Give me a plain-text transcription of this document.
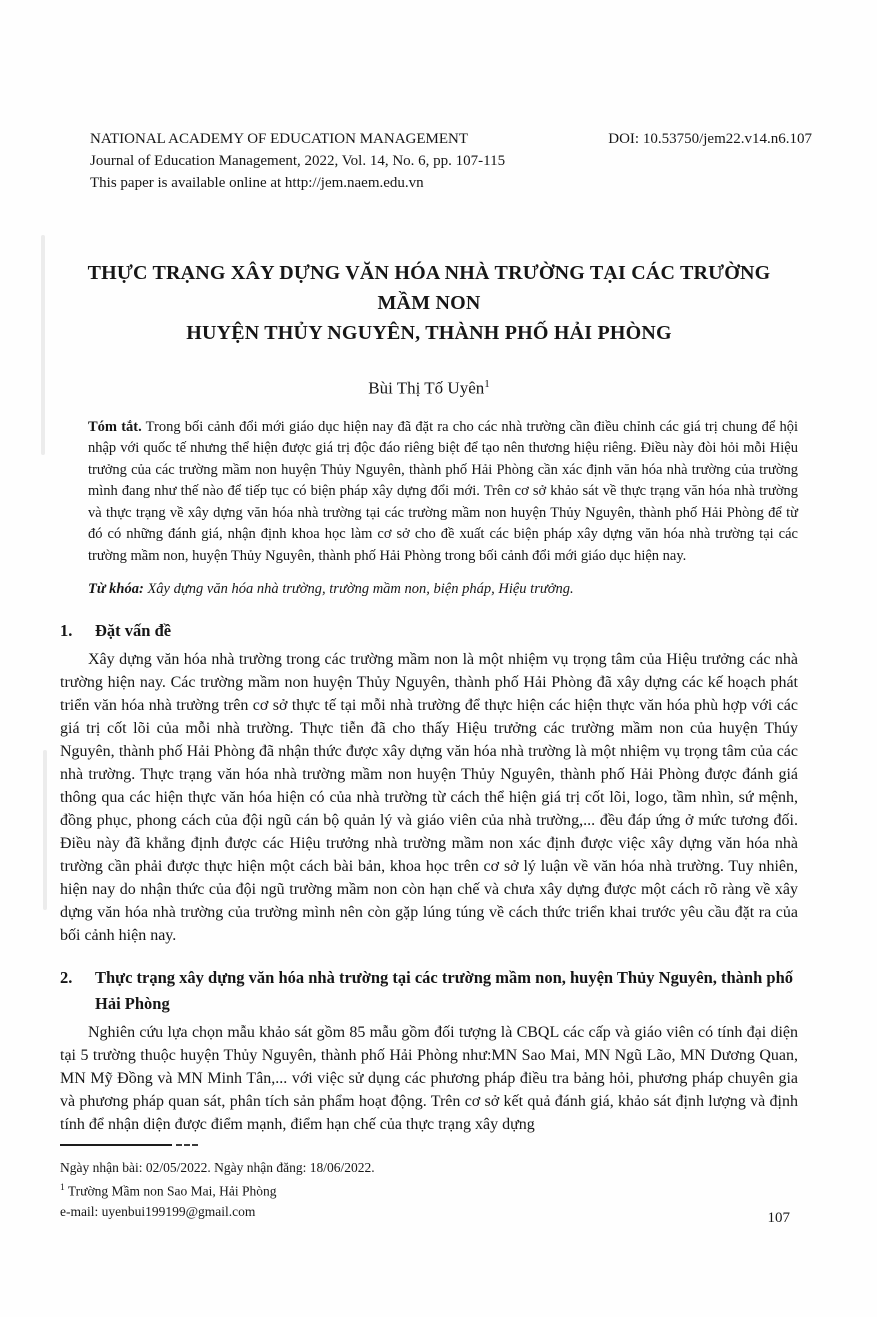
NATIONAL ACADEMY OF EDUCATION MANAGEMENT
Journal of Education Management, 2022, Vol. 14, No. 6, pp. 107-115
This paper is available online at http://jem.naem.edu.vn
DOI: 10.53750/jem22.v14.n6.107
THỰC TRẠNG XÂY DỰNG VĂN HÓA NHÀ TRƯỜNG TẠI CÁC TRƯỜNG MẦM NON
HUYỆN THỦY NGUYÊN, THÀNH PHỐ HẢI PHÒNG
Bùi Thị Tố Uyên$^1$

Tóm tắt. Trong bối cảnh đổi mới giáo dục hiện nay đã đặt ra cho các nhà trường cần điều chỉnh các giá trị chung để hội nhập với quốc tế nhưng thể hiện được giá trị độc đáo riêng biệt để tạo nên thương hiệu riêng. Điều này đòi hỏi mỗi Hiệu trưởng của các trường mầm non huyện Thủy Nguyên, thành phố Hải Phòng cần xác định văn hóa nhà trường của trường mình đang như thế nào để tiếp tục có biện pháp xây dựng đổi mới. Trên cơ sở khảo sát về thực trạng văn hóa nhà trường và thực trạng về xây dựng văn hóa nhà trường tại các trường mầm non huyện Thủy Nguyên, thành phố Hải Phòng để từ đó có những đánh giá, nhận định khoa học làm cơ sở cho đề xuất các biện pháp xây dựng văn hóa nhà trường tại các trường mầm non, huyện Thủy Nguyên, thành phố Hải Phòng trong bối cảnh đổi mới giáo dục hiện nay.

Từ khóa: Xây dựng văn hóa nhà trường, trường mầm non, biện pháp, Hiệu trưởng.

1.	Đặt vấn đề

Xây dựng văn hóa nhà trường trong các trường mầm non là một nhiệm vụ trọng tâm của Hiệu trưởng các nhà trường hiện nay. Các trường mầm non huyện Thủy Nguyên, thành phố Hải Phòng đã xây dựng các kế hoạch phát triển văn hóa nhà trường trên cơ sở thực tế tại mỗi nhà trường để thực hiện các hiện thực văn hóa phù hợp với các giá trị cốt lõi của mỗi nhà trường. Thực tiễn đã cho thấy Hiệu trưởng các trường mầm non của huyện Thúy Nguyên, thành phố Hải Phòng đã nhận thức được xây dựng văn hóa nhà trường là một nhiệm vụ trọng tâm của các nhà trường. Thực trạng văn hóa nhà trường mầm non huyện Thủy Nguyên, thành phố Hải Phòng được đánh giá thông qua các hiện thực văn hóa hiện có của nhà trường từ cách thể hiện giá trị cốt lõi, logo, tầm nhìn, sứ mệnh, đồng phục, phong cách của đội ngũ cán bộ quản lý và giáo viên của nhà trường,... đều đáp ứng ở mức tương đối. Điều này đã khẳng định được các Hiệu trưởng nhà trường mầm non xác định được việc xây dựng văn hóa nhà trường cần phải được thực hiện một cách bài bản, khoa học trên cơ sở lý luận về văn hóa nhà trường. Tuy nhiên, hiện nay do nhận thức của đội ngũ trường mầm non còn hạn chế và chưa xây dựng được một cách rõ ràng về xây dựng văn hóa nhà trường của trường mình nên còn gặp lúng túng về cách thức triển khai trước yêu cầu đặt ra của bối cảnh hiện nay.

2.	Thực trạng xây dựng văn hóa nhà trường tại các trường mầm non, huyện Thủy Nguyên, thành phố Hải Phòng

Nghiên cứu lựa chọn mẫu khảo sát gồm 85 mẫu gồm đối tượng là CBQL các cấp và giáo viên có tính đại diện tại 5 trường thuộc huyện Thủy Nguyên, thành phố Hải Phòng như:MN Sao Mai, MN Ngũ Lão, MN Dương Quan, MN Mỹ Đồng và MN Minh Tân,... với việc sử dụng các phương pháp điều tra bảng hỏi, phương pháp chuyên gia và phương pháp quan sát, phân tích sản phẩm hoạt động. Trên cơ sở kết quả đánh giá, khảo sát định lượng và định tính để nhận diện được điểm mạnh, điểm hạn chế của thực trạng xây dựng

Ngày nhận bài: 02/05/2022. Ngày nhận đăng: 18/06/2022.
$^1$ Trường Mầm non Sao Mai, Hải Phòng
e-mail: uyenbui199199@gmail.com	107
